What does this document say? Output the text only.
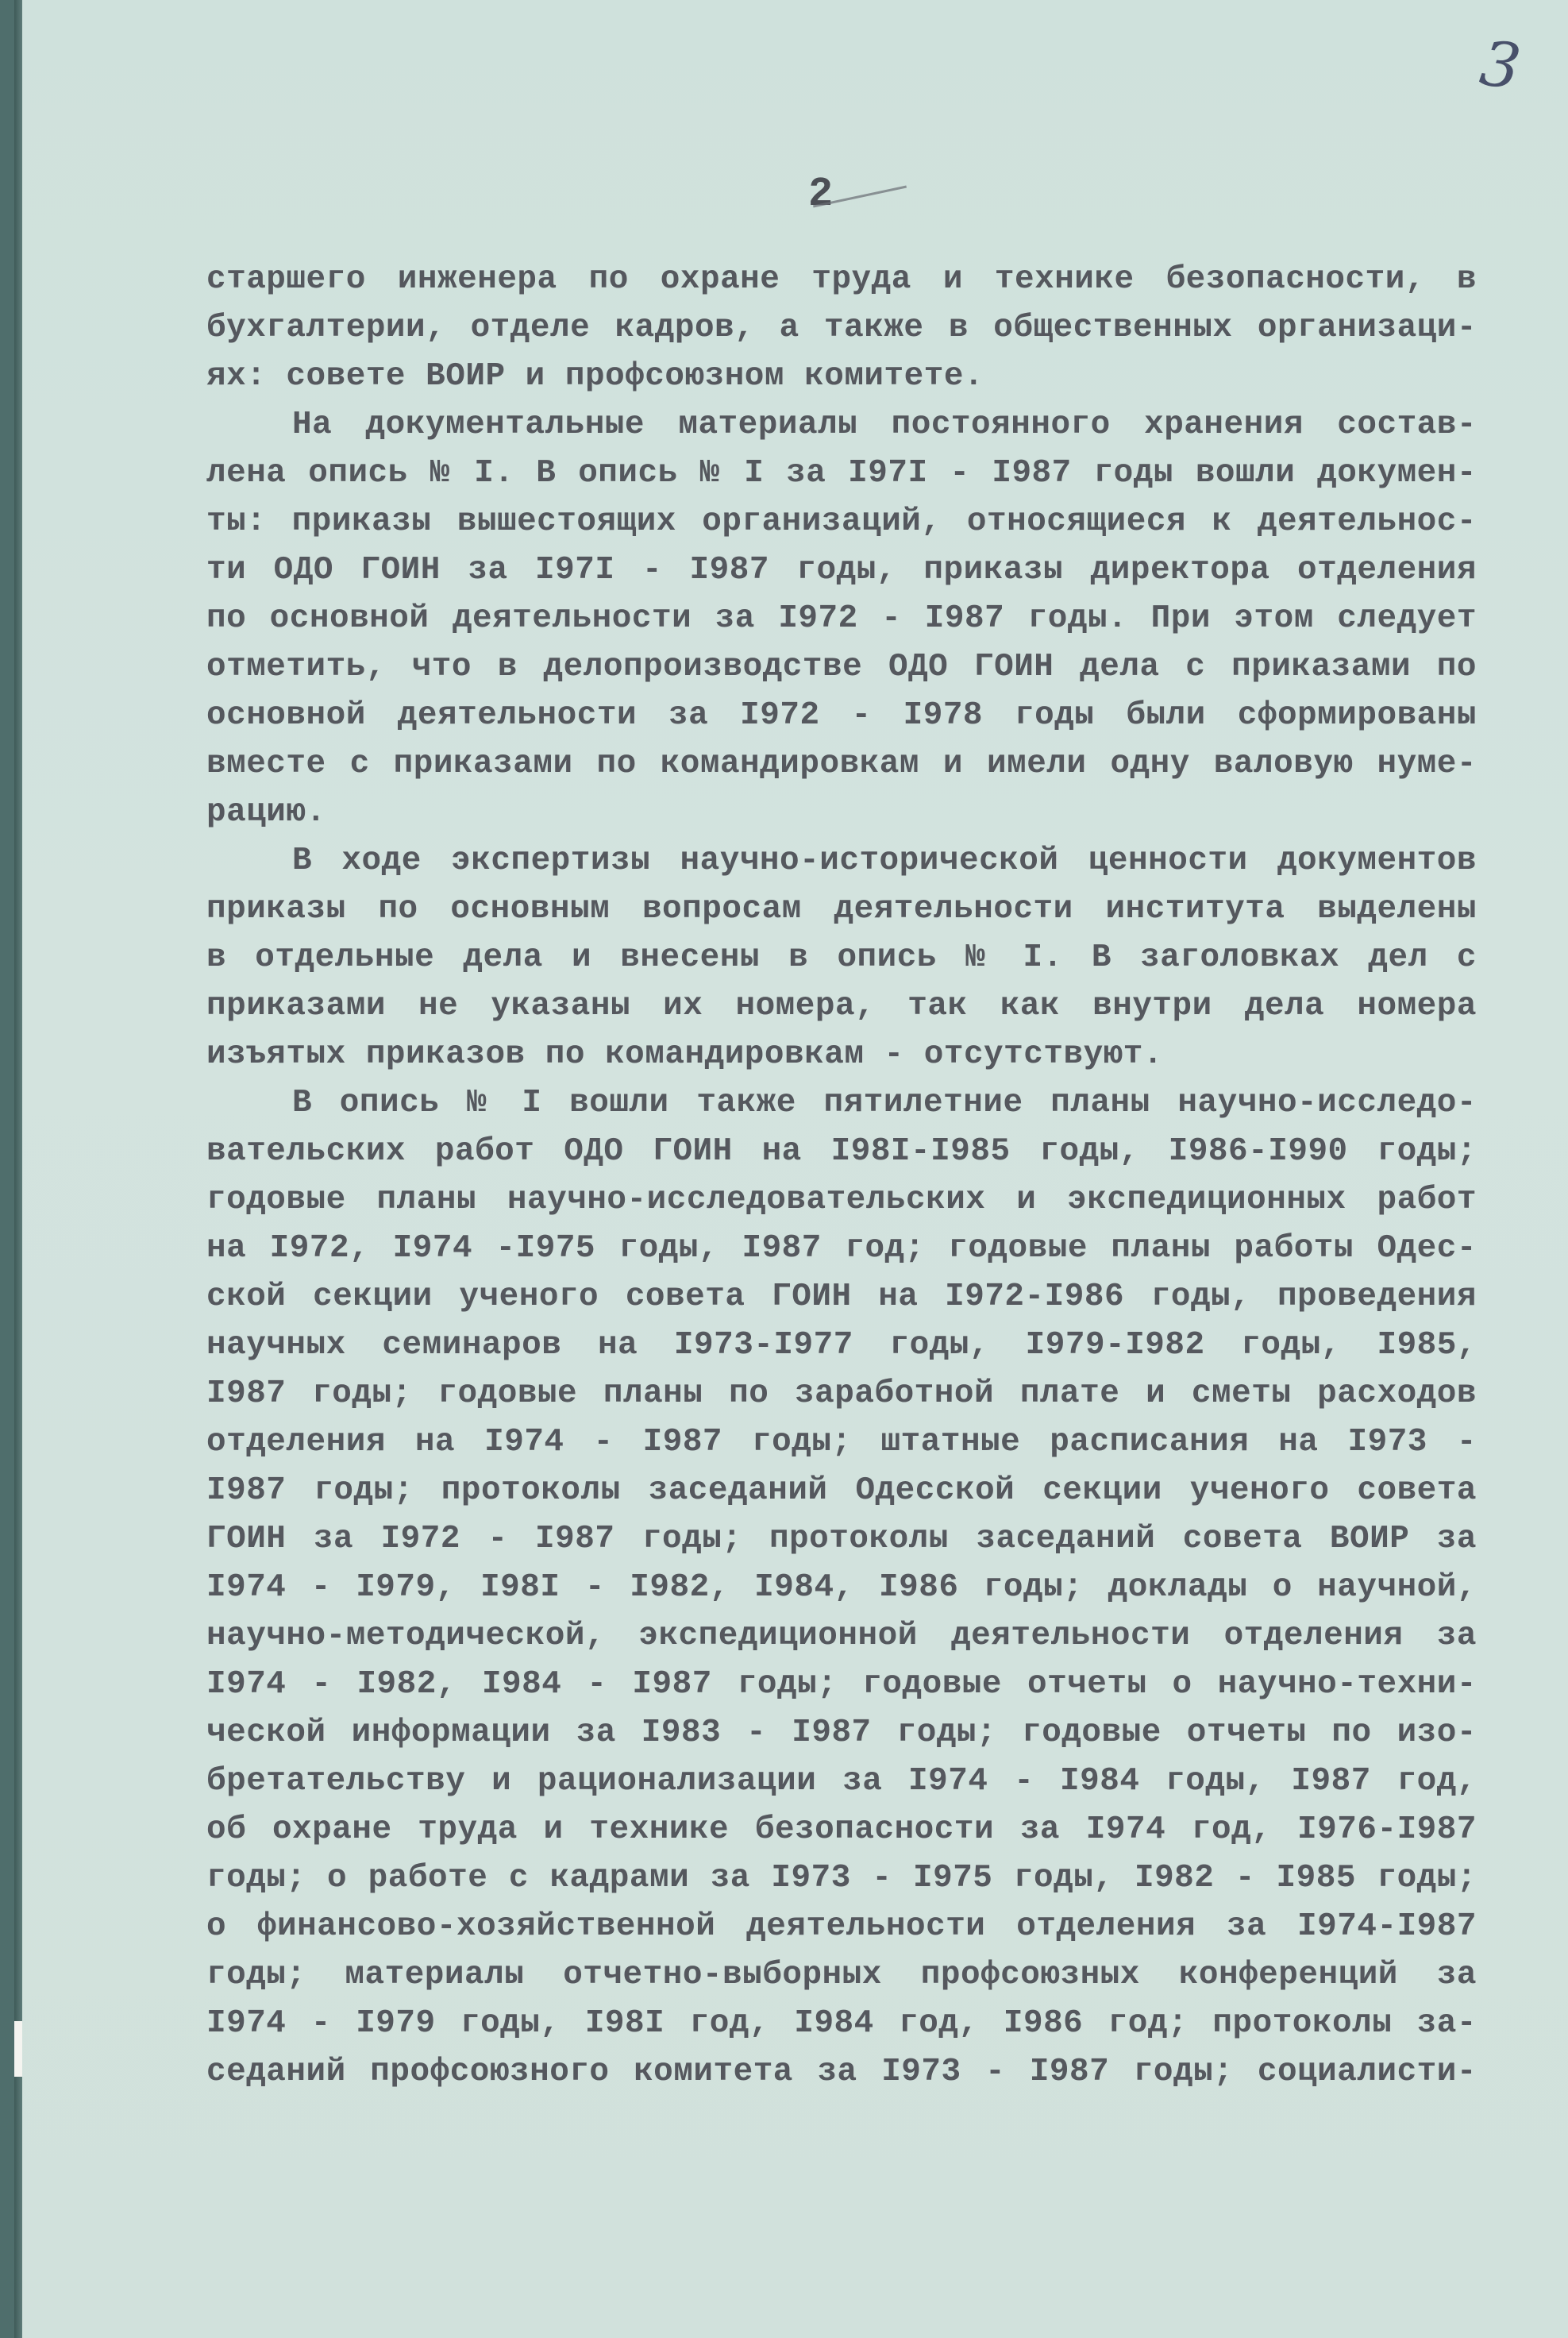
3
2
старшего инженера по охране труда и технике безопасности, в
бухгалтерии, отделе кадров, а также в общественных организаци-
ях: совете ВОИР и профсоюзном комитете.
На документальные материалы постоянного хранения состав-
лена опись № I. В опись № I за I97I - I987 годы вошли докумен-
ты: приказы вышестоящих организаций, относящиеся к деятельнос-
ти ОДО ГОИН за I97I - I987 годы, приказы директора отделения
по основной деятельности за I972 - I987 годы. При этом следует
отметить, что в делопроизводстве ОДО ГОИН дела с приказами по
основной деятельности за I972 - I978 годы были сформированы
вместе с приказами по командировкам и имели одну валовую нуме-
рацию.
В ходе экспертизы научно-исторической ценности документов
приказы по основным вопросам деятельности института выделены
в отдельные дела и внесены в опись № I. В заголовках дел с
приказами не указаны их номера, так как внутри дела номера
изъятых приказов по командировкам - отсутствуют.
В опись № I вошли также пятилетние планы научно-исследо-
вательских работ ОДО ГОИН на I98I-I985 годы, I986-I990 годы;
годовые планы научно-исследовательских и экспедиционных работ
на I972, I974 -I975 годы, I987 год; годовые планы работы Одес-
ской секции ученого совета ГОИН на I972-I986 годы, проведения
научных семинаров на I973-I977 годы, I979-I982 годы, I985,
I987 годы; годовые планы по заработной плате и сметы расходов
отделения на I974 - I987 годы; штатные расписания на I973 -
I987 годы; протоколы заседаний Одесской секции ученого совета
ГОИН за I972 - I987 годы; протоколы заседаний совета ВОИР за
I974 - I979, I98I - I982, I984, I986 годы; доклады о научной,
научно-методической, экспедиционной деятельности отделения за
I974 - I982, I984 - I987 годы; годовые отчеты о научно-техни-
ческой информации за I983 - I987 годы; годовые отчеты по изо-
бретательству и рационализации за I974 - I984 годы, I987 год,
об охране труда и технике безопасности за I974 год, I976-I987
годы; о работе с кадрами за I973 - I975 годы, I982 - I985 годы;
о финансово-хозяйственной деятельности отделения за I974-I987
годы; материалы отчетно-выборных профсоюзных конференций за
I974 - I979 годы, I98I год, I984 год, I986 год; протоколы за-
седаний профсоюзного комитета за I973 - I987 годы; социалисти-
